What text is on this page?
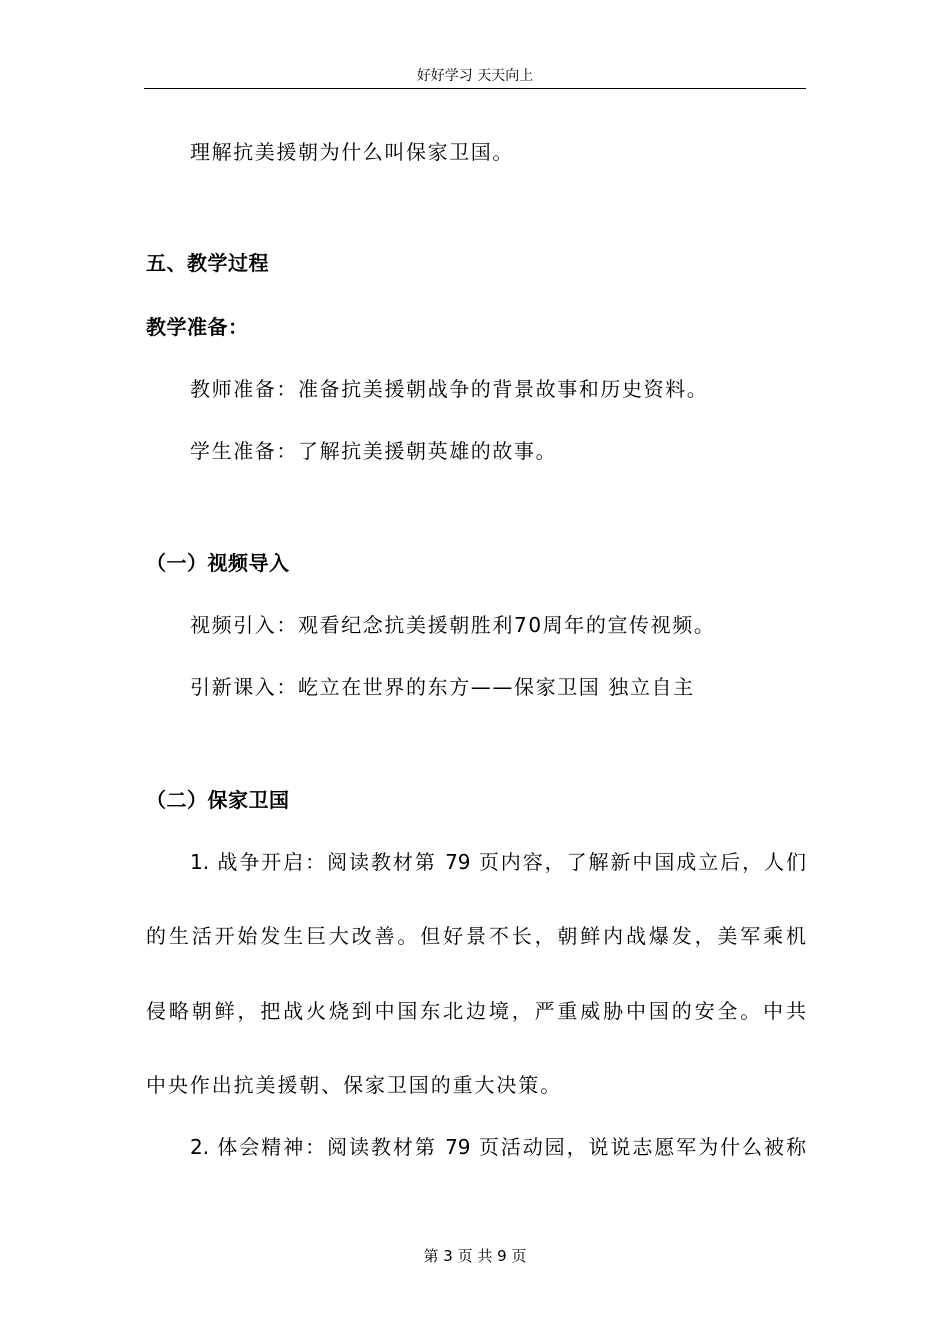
好好学习 天天向上
理解抗美援朝为什么叫保家卫国。
五、教学过程
教学准备：
教师准备：准备抗美援朝战争的背景故事和历史资料。
学生准备：了解抗美援朝英雄的故事。
（一）视频导入
视频引入：观看纪念抗美援朝胜利70周年的宣传视频。
引新课入：屹立在世界的东方——保家卫国 独立自主
（二）保家卫国
1. 战争开启：阅读教材第 79 页内容，了解新中国成立后，人们
的生活开始发生巨大改善。但好景不长，朝鲜内战爆发，美军乘机
侵略朝鲜，把战火烧到中国东北边境，严重威胁中国的安全。中共
中央作出抗美援朝、保家卫国的重大决策。
2. 体会精神：阅读教材第 79 页活动园，说说志愿军为什么被称
第 3 页 共 9 页
